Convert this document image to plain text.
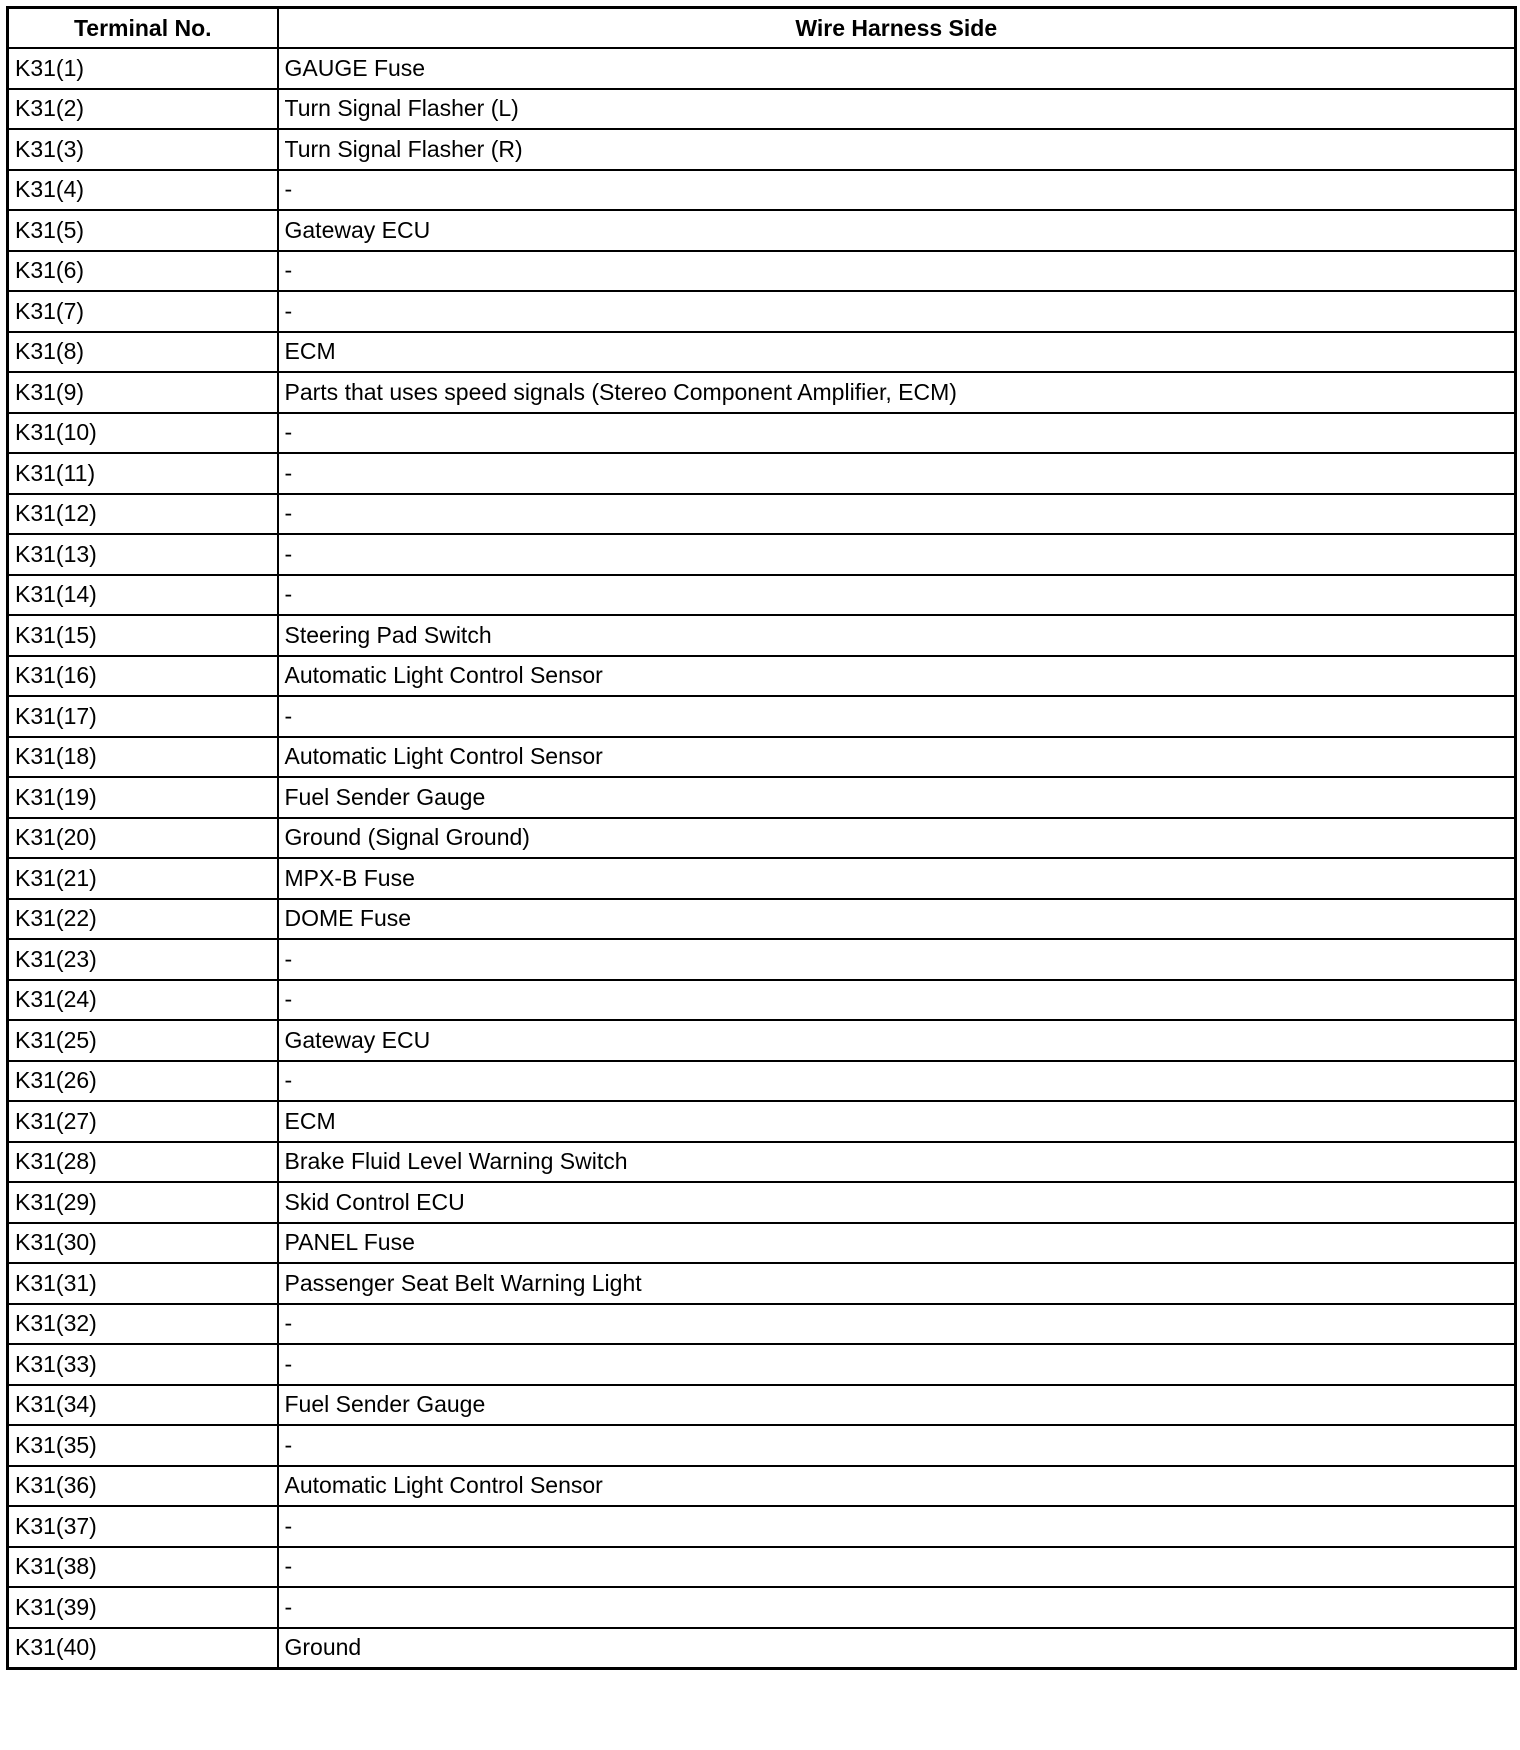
Terminal No.	Wire Harness Side
K31(1)	GAUGE Fuse
K31(2)	Turn Signal Flasher (L)
K31(3)	Turn Signal Flasher (R)
K31(4)	-
K31(5)	Gateway ECU
K31(6)	-
K31(7)	-
K31(8)	ECM
K31(9)	Parts that uses speed signals (Stereo Component Amplifier, ECM)
K31(10)	-
K31(11)	-
K31(12)	-
K31(13)	-
K31(14)	-
K31(15)	Steering Pad Switch
K31(16)	Automatic Light Control Sensor
K31(17)	-
K31(18)	Automatic Light Control Sensor
K31(19)	Fuel Sender Gauge
K31(20)	Ground (Signal Ground)
K31(21)	MPX-B Fuse
K31(22)	DOME Fuse
K31(23)	-
K31(24)	-
K31(25)	Gateway ECU
K31(26)	-
K31(27)	ECM
K31(28)	Brake Fluid Level Warning Switch
K31(29)	Skid Control ECU
K31(30)	PANEL Fuse
K31(31)	Passenger Seat Belt Warning Light
K31(32)	-
K31(33)	-
K31(34)	Fuel Sender Gauge
K31(35)	-
K31(36)	Automatic Light Control Sensor
K31(37)	-
K31(38)	-
K31(39)	-
K31(40)	Ground
